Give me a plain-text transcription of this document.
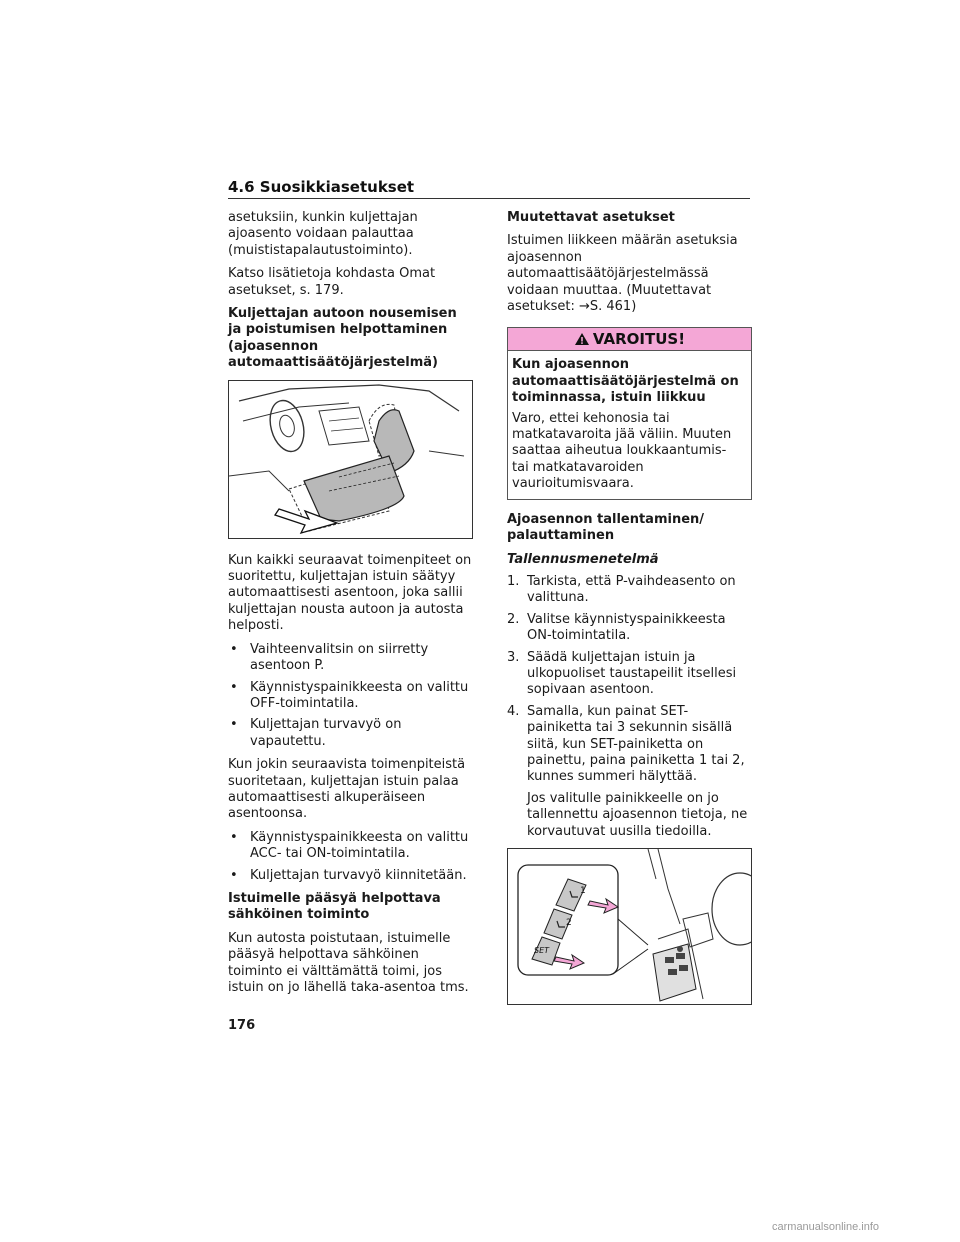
4.6 Suosikkiasetukset

asetuksiin, kunkin kuljettajan ajoasento voidaan palauttaa (muististapalautustoiminto).

Katso lisätietoja kohdasta Omat asetukset, s. 179.

Kuljettajan autoon nousemisen ja poistumisen helpottaminen (ajoasennon automaattisäätöjärjestelmä)

Kun kaikki seuraavat toimenpiteet on suoritettu, kuljettajan istuin säätyy automaattisesti asentoon, joka sallii kuljettajan nousta autoon ja autosta helposti.

• Vaihteenvalitsin on siirretty asentoon P.
• Käynnistyspainikkeesta on valittu OFF-toimintatila.
• Kuljettajan turvavyö on vapautettu.

Kun jokin seuraavista toimenpiteistä suoritetaan, kuljettajan istuin palaa automaattisesti alkuperäiseen asentoonsa.

• Käynnistyspainikkeesta on valittu ACC- tai ON-toimintatila.
• Kuljettajan turvavyö kiinnitetään.
Istuimelle pääsyä helpottava sähköinen toiminto

Kun autosta poistutaan, istuimelle pääsyä helpottava sähköinen toiminto ei välttämättä toimi, jos istuin on jo lähellä taka-asentoa tms.

Muutettavat asetukset

Istuimen liikkeen määrän asetuksia ajoasennon automaattisäätöjärjestelmässä voidaan muuttaa. (Muutettavat asetukset: →S. 461)

VAROITUS!
Kun ajoasennon automaattisäätöjärjestelmä on toiminnassa, istuin liikkuu

Varo, ettei kehonosia tai matkatavaroita jää väliin. Muuten saattaa aiheutua loukkaantumis- tai matkatavaroiden vaurioitumisvaara.

Ajoasennon tallentaminen/ palauttaminen
Tallennusmenetelmä
1. Tarkista, että P-vaihdeasento on valittuna.
2. Valitse käynnistyspainikkeesta ON-toimintatila.
3. Säädä kuljettajan istuin ja ulkopuoliset taustapeilit itsellesi sopivaan asentoon.
4. Samalla, kun painat SET-painiketta tai 3 sekunnin sisällä siitä, kun SET-painiketta on painettu, paina painiketta 1 tai 2, kunnes summeri hälyttää.
Jos valitulle painikkeelle on jo tallennettu ajoasennon tietoja, ne korvautuvat uusilla tiedoilla.
1
2
SET
176
carmanualsonline.info
